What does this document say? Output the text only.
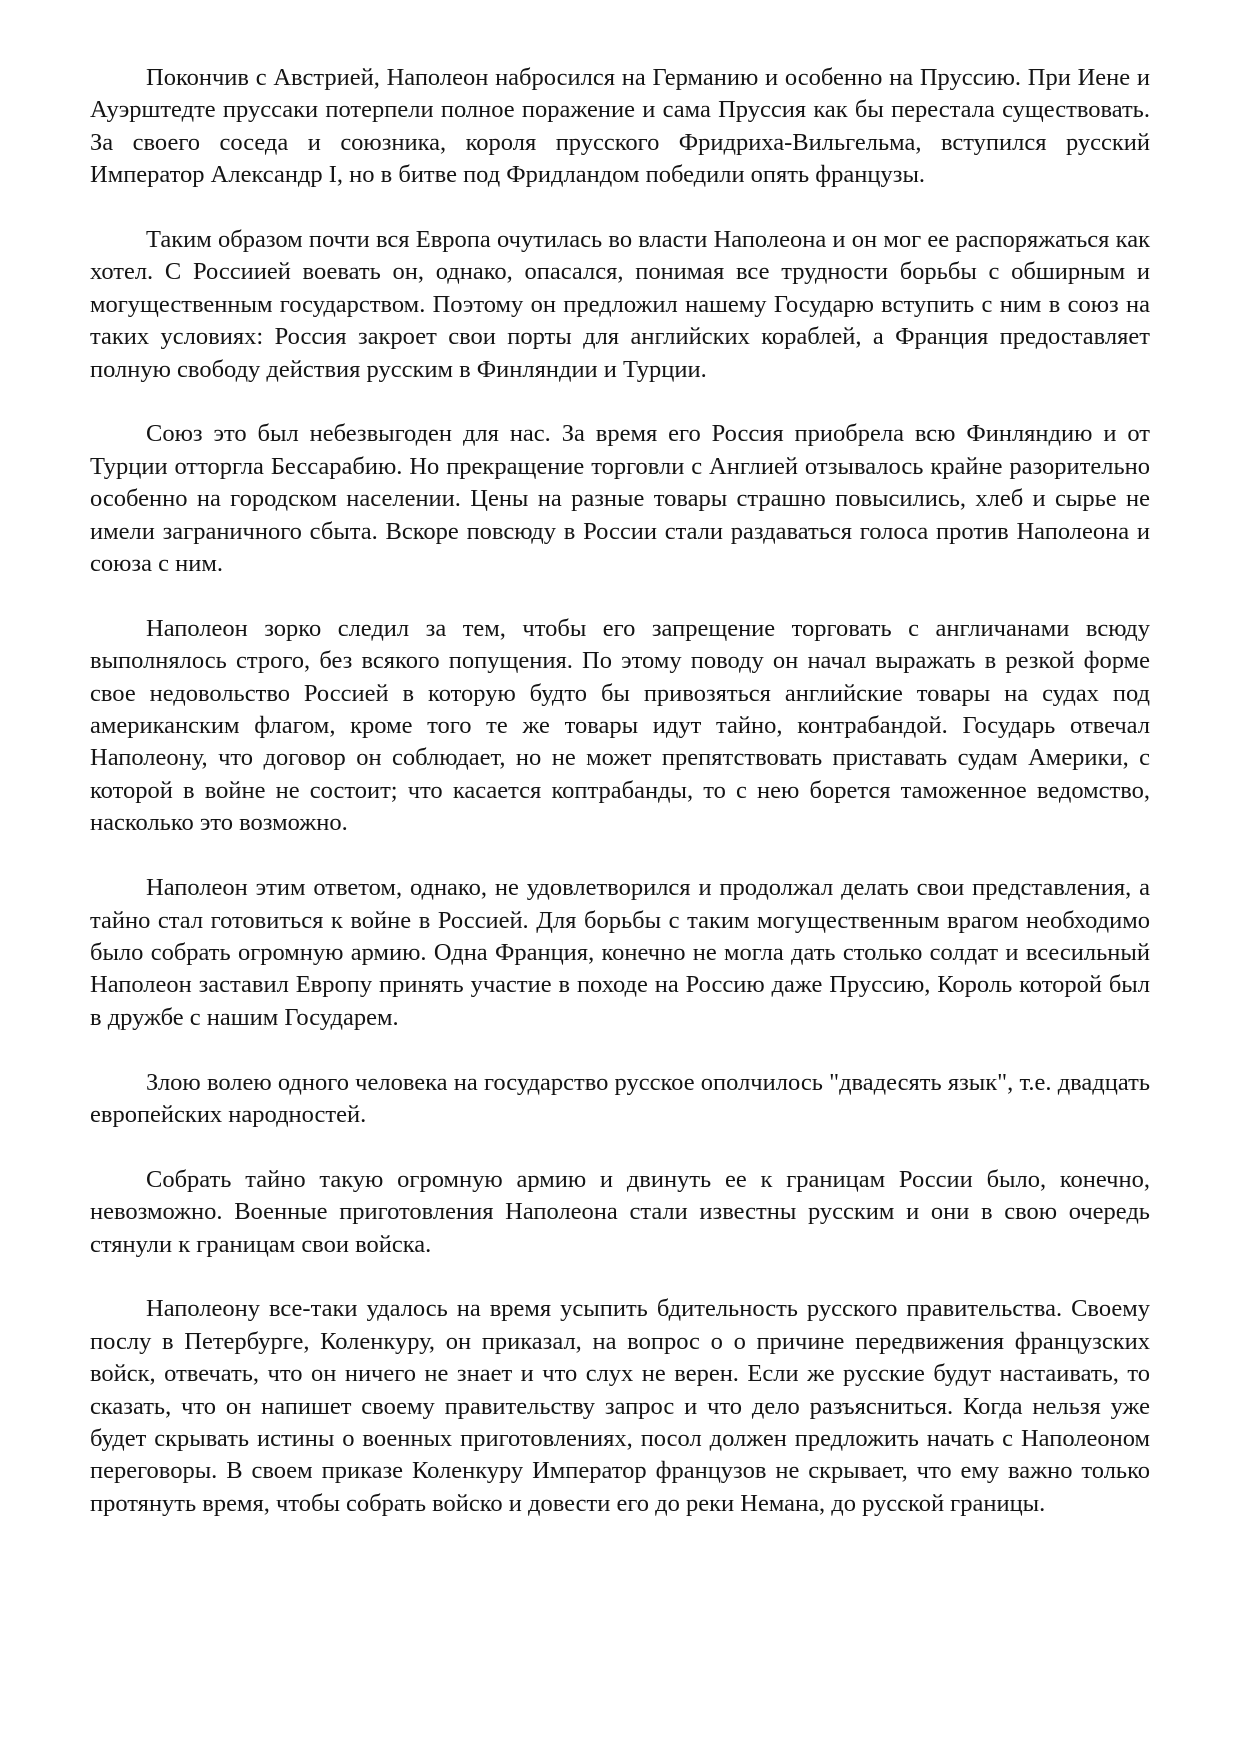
Покончив с Австрией, Наполеон набросился на Германию и особенно на Пруссию. При Иене и Ауэрштедте пруссаки потерпели полное поражение и сама Пруссия как бы перестала существовать. За своего соседа и союзника, короля прусского Фридриха-Вильгельма, вступился русский Император Александр I, но в битве под Фридландом победили опять французы.

Таким образом почти вся Европа очутилась во власти Наполеона и он мог ее распоряжаться как хотел. С Россиией воевать он, однако, опасался, понимая все трудности борьбы с обширным и могущественным государством. Поэтому он предложил нашему Государю вступить с ним в союз на таких условиях: Россия закроет свои порты для английских кораблей, а Франция предоставляет полную свободу действия русским в Финляндии и Турции.

Союз это был небезвыгоден для нас. За время его Россия приобрела всю Финляндию и от Турции отторгла Бессарабию. Но прекращение торговли с Англией отзывалось крайне разорительно особенно на городском населении. Цены на разные товары страшно повысились, хлеб и сырье не имели заграничного сбыта. Вскоре повсюду в России стали раздаваться голоса против Наполеона и союза с ним.

Наполеон зорко следил за тем, чтобы его запрещение торговать с англичанами всюду выполнялось строго, без всякого попущения. По этому поводу он начал выражать в резкой форме свое недовольство Россией в которую будто бы привозяться английские товары на судах под американским флагом, кроме того те же товары идут тайно, контрабандой. Государь отвечал Наполеону, что договор он соблюдает, но не может препятствовать приставать судам Америки, с которой в войне не состоит; что касается коптрабанды, то с нею борется таможенное ведомство, насколько это возможно.

Наполеон этим ответом, однако, не удовлетворился и продолжал делать свои представления, а тайно стал готовиться к войне в Россией. Для борьбы с таким могущественным врагом необходимо было собрать огромную армию. Одна Франция, конечно не могла дать столько солдат и всесильный Наполеон заставил Европу принять участие в походе на Россию даже Пруссию, Король которой был в дружбе с нашим Государем.

Злою волею одного человека на государство русское ополчилось "двадесять язык", т.е. двадцать европейских народностей.

Собрать тайно такую огромную армию и двинуть ее к границам России было, конечно, невозможно. Военные приготовления Наполеона стали известны русским и они в свою очередь стянули к границам свои войска.

Наполеону все-таки удалось на время усыпить бдительность русского правительства. Своему послу в Петербурге, Коленкуру, он приказал, на вопрос о о причине передвижения французских войск, отвечать, что он ничего не знает и что слух не верен. Если же русские будут настаивать, то сказать, что он напишет своему правительству запрос и что дело разъясниться. Когда нельзя уже будет скрывать истины о военных приготовлениях, посол должен предложить начать с Наполеоном переговоры. В своем приказе Коленкуру Император французов не скрывает, что ему важно только протянуть время, чтобы собрать войско и довести его до реки Немана, до русской границы.
